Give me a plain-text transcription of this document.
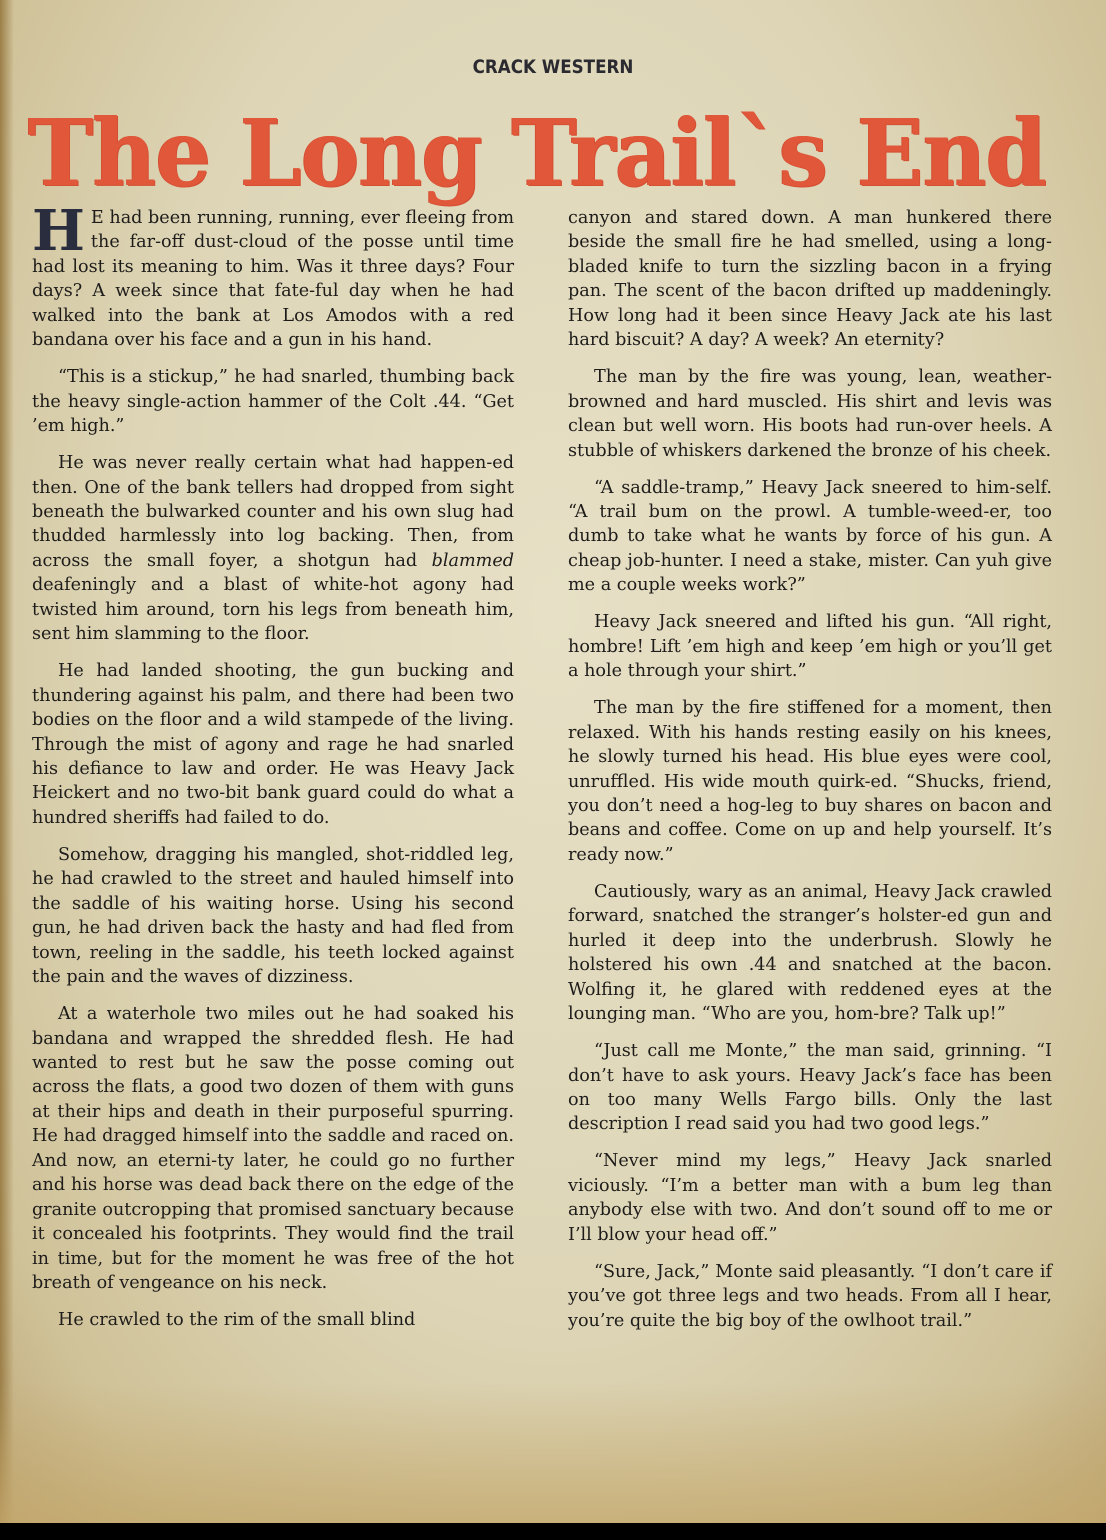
CRACK WESTERN
The Long Trail`s End

H E had been running, running, ever fleeing from the far-off dust-cloud of the posse until time had lost its meaning to him. Was it three days? Four days? A week since that fate-ful day when he had walked into the bank at Los Amodos with a red bandana over his face and a gun in his hand.

“This is a stickup,” he had snarled, thumbing back the heavy single-action hammer of the Colt .44. “Get ’em high.”

He was never really certain what had happen-ed then. One of the bank tellers had dropped from sight beneath the bulwarked counter and his own slug had thudded harmlessly into log backing. Then, from across the small foyer, a shotgun had blammed deafeningly and a blast of white-hot agony had twisted him around, torn his legs from beneath him, sent him slamming to the floor.

He had landed shooting, the gun bucking and thundering against his palm, and there had been two bodies on the floor and a wild stampede of the living. Through the mist of agony and rage he had snarled his defiance to law and order. He was Heavy Jack Heickert and no two-bit bank guard could do what a hundred sheriffs had failed to do.

Somehow, dragging his mangled, shot-riddled leg, he had crawled to the street and hauled himself into the saddle of his waiting horse. Using his second gun, he had driven back the hasty and had fled from town, reeling in the saddle, his teeth locked against the pain and the waves of dizziness.

At a waterhole two miles out he had soaked his bandana and wrapped the shredded flesh. He had wanted to rest but he saw the posse coming out across the flats, a good two dozen of them with guns at their hips and death in their purposeful spurring. He had dragged himself into the saddle and raced on. And now, an eterni-ty later, he could go no further and his horse was dead back there on the edge of the granite outcropping that promised sanctuary because it concealed his footprints. They would find the trail in time, but for the moment he was free of the hot breath of vengeance on his neck.

He crawled to the rim of the small blind

canyon and stared down. A man hunkered there beside the small fire he had smelled, using a long-bladed knife to turn the sizzling bacon in a frying pan. The scent of the bacon drifted up maddeningly. How long had it been since Heavy Jack ate his last hard biscuit? A day? A week? An eternity?

The man by the fire was young, lean, weather-browned and hard muscled. His shirt and levis was clean but well worn. His boots had run-over heels. A stubble of whiskers darkened the bronze of his cheek.

“A saddle-tramp,” Heavy Jack sneered to him-self. “A trail bum on the prowl. A tumble-weed-er, too dumb to take what he wants by force of his gun. A cheap job-hunter. I need a stake, mister. Can yuh give me a couple weeks work?”

Heavy Jack sneered and lifted his gun. “All right, hombre! Lift ’em high and keep ’em high or you’ll get a hole through your shirt.”

The man by the fire stiffened for a moment, then relaxed. With his hands resting easily on his knees, he slowly turned his head. His blue eyes were cool, unruffled. His wide mouth quirk-ed. “Shucks, friend, you don’t need a hog-leg to buy shares on bacon and beans and coffee. Come on up and help yourself. It’s ready now.”

Cautiously, wary as an animal, Heavy Jack crawled forward, snatched the stranger’s holster-ed gun and hurled it deep into the underbrush. Slowly he holstered his own .44 and snatched at the bacon. Wolfing it, he glared with reddened eyes at the lounging man. “Who are you, hom-bre? Talk up!”

“Just call me Monte,” the man said, grinning. “I don’t have to ask yours. Heavy Jack’s face has been on too many Wells Fargo bills. Only the last description I read said you had two good legs.”

“Never mind my legs,” Heavy Jack snarled viciously. “I’m a better man with a bum leg than anybody else with two. And don’t sound off to me or I’ll blow your head off.”

“Sure, Jack,” Monte said pleasantly. “I don’t care if you’ve got three legs and two heads. From all I hear, you’re quite the big boy of the owlhoot trail.”
